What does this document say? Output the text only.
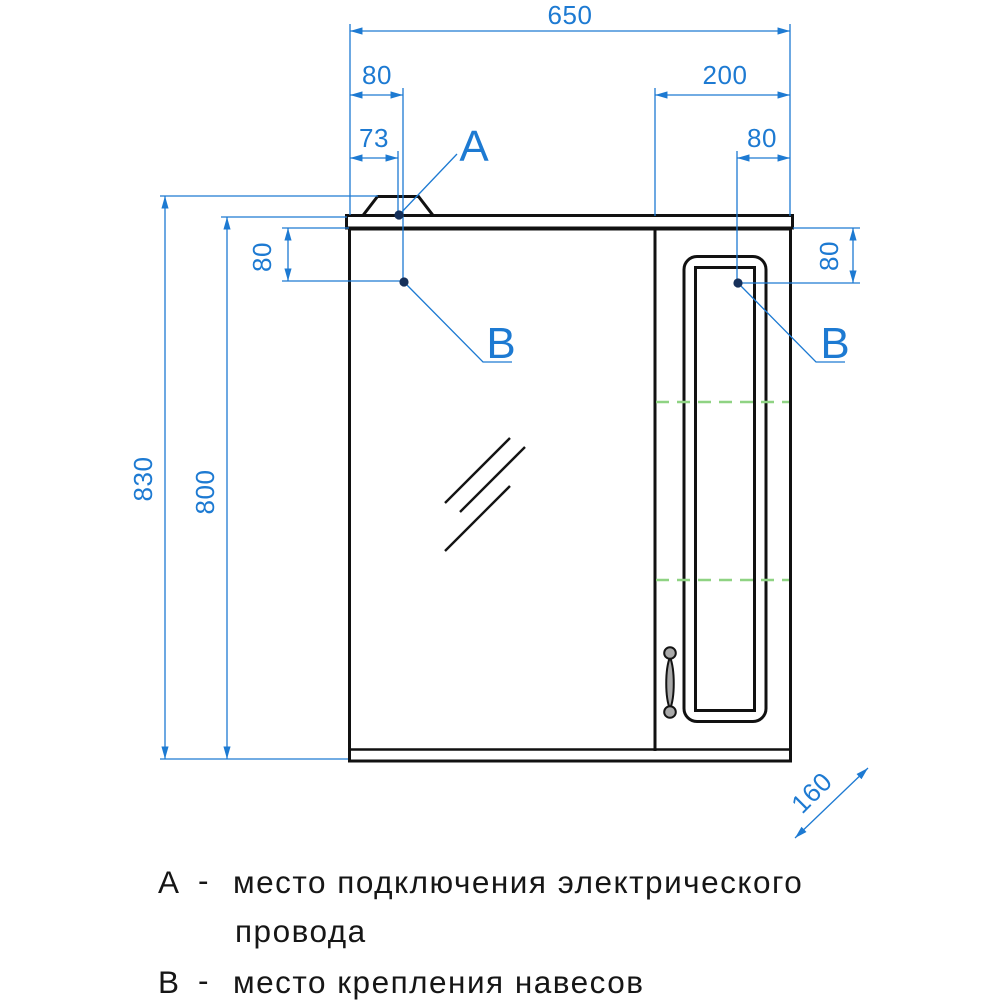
650
80
73
200
80
830 800
80	80
160
A
B	B
А - место подключения электрического
провода
В - место крепления навесов
